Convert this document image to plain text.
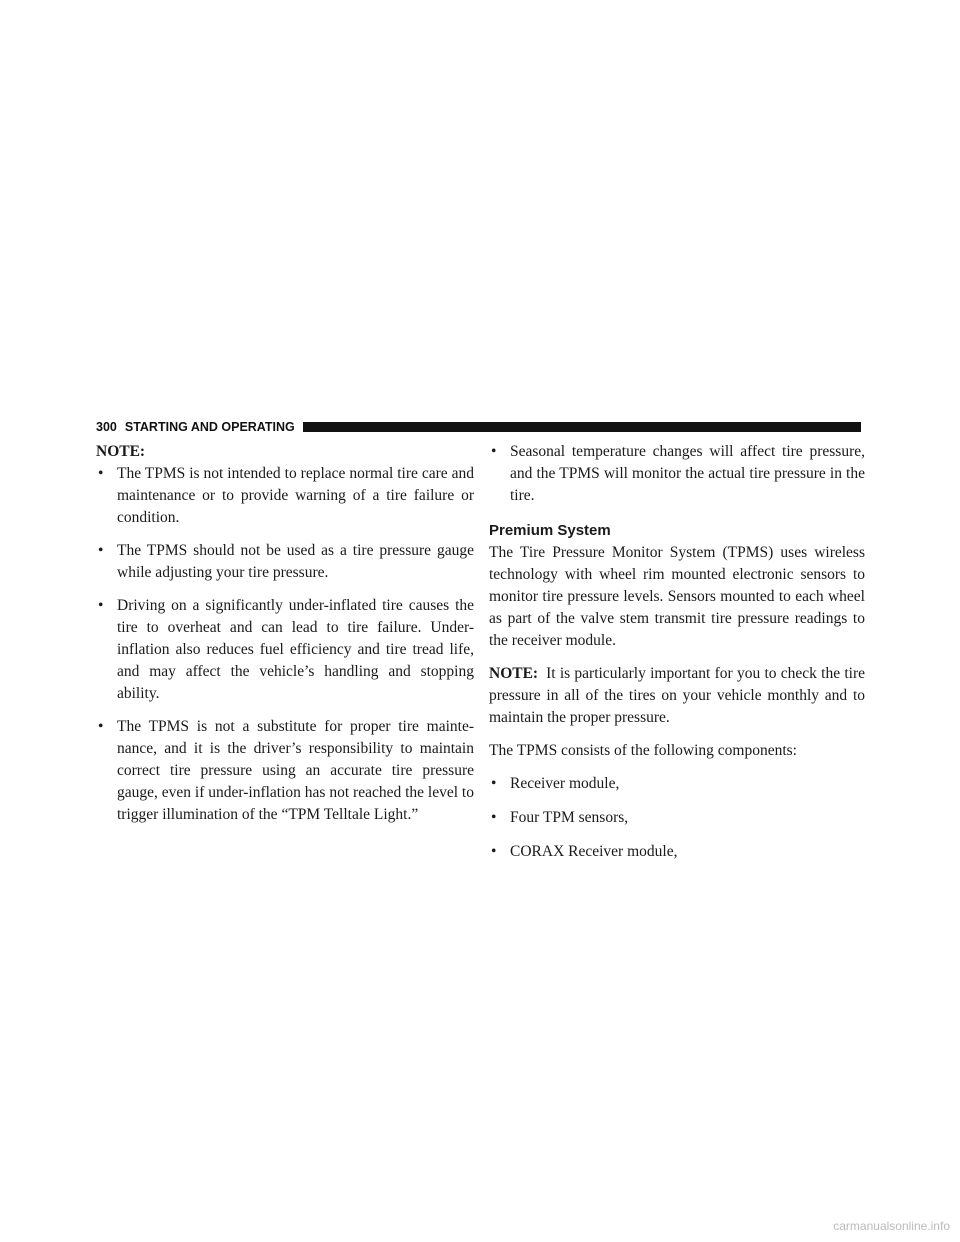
300 STARTING AND OPERATING

NOTE:

• The TPMS is not intended to replace normal tire care and maintenance or to provide warning of a tire failure or condition.
• The TPMS should not be used as a tire pressure gauge while adjusting your tire pressure.
• Driving on a significantly under-inflated tire causes the tire to overheat and can lead to tire failure. Under-inflation also reduces fuel efficiency and tire tread life, and may affect the vehicle’s handling and stopping ability.
• The TPMS is not a substitute for proper tire mainte-nance, and it is the driver’s responsibility to maintain correct tire pressure using an accurate tire pressure gauge, even if under-inflation has not reached the level to trigger illumination of the “TPM Telltale Light.”
• Seasonal temperature changes will affect tire pressure, and the TPMS will monitor the actual tire pressure in the tire.
Premium System

The Tire Pressure Monitor System (TPMS) uses wireless technology with wheel rim mounted electronic sensors to monitor tire pressure levels. Sensors mounted to each wheel as part of the valve stem transmit tire pressure readings to the receiver module.

NOTE: It is particularly important for you to check the tire pressure in all of the tires on your vehicle monthly and to maintain the proper pressure.

The TPMS consists of the following components:

• Receiver module,
• Four TPM sensors,
• CORAX Receiver module,
carmanualsonline.info
